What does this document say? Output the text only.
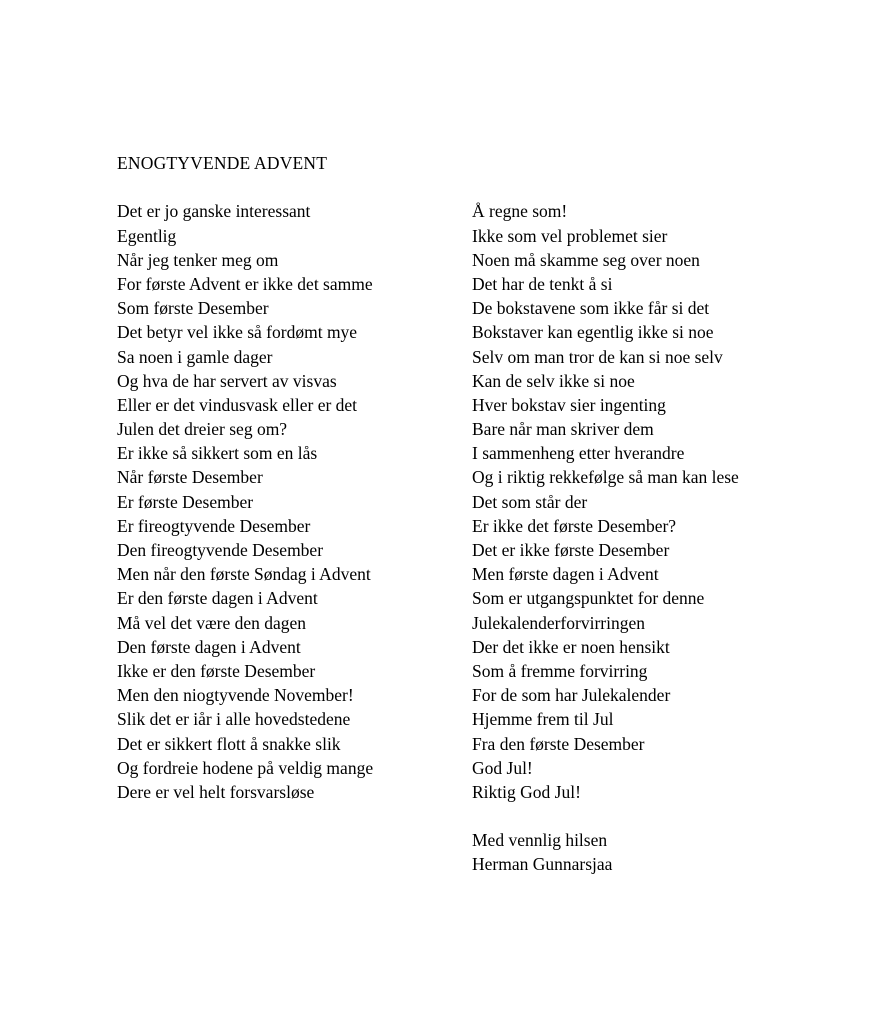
ENOGTYVENDE ADVENT
Det er jo ganske interessant
Egentlig
Når jeg tenker meg om
For første Advent er ikke det samme
Som første Desember
Det betyr vel ikke så fordømt mye
Sa noen i gamle dager
Og hva de har servert av visvas
Eller er det vindusvask eller er det
Julen det dreier seg om?
Er ikke så sikkert som en lås
Når første Desember
Er første Desember
Er fireogtyvende Desember
Den fireogtyvende Desember
Men når den første Søndag i Advent
Er den første dagen i Advent
Må vel det være den dagen
Den første dagen i Advent
Ikke er den første Desember
Men den niogtyvende November!
Slik det er iår i alle hovedstedene
Det er sikkert flott å snakke slik
Og fordreie hodene på veldig mange
Dere er vel helt forsvarsløse
Å regne som!
Ikke som vel problemet sier
Noen må skamme seg over noen
Det har de tenkt å si
De bokstavene som ikke får si det
Bokstaver kan egentlig ikke si noe
Selv om man tror de kan si noe selv
Kan de selv ikke si noe
Hver bokstav sier ingenting
Bare når man skriver dem
I sammenheng etter hverandre
Og i riktig rekkefølge så man kan lese
Det som står der
Er ikke det første Desember?
Det er ikke første Desember
Men første dagen i Advent
Som er utgangspunktet for denne
Julekalenderforvirringen
Der det ikke er noen hensikt
Som å fremme forvirring
For de som har Julekalender
Hjemme frem til Jul
Fra den første Desember
God Jul!
Riktig God Jul!
Med vennlig hilsen
Herman Gunnarsjaa
